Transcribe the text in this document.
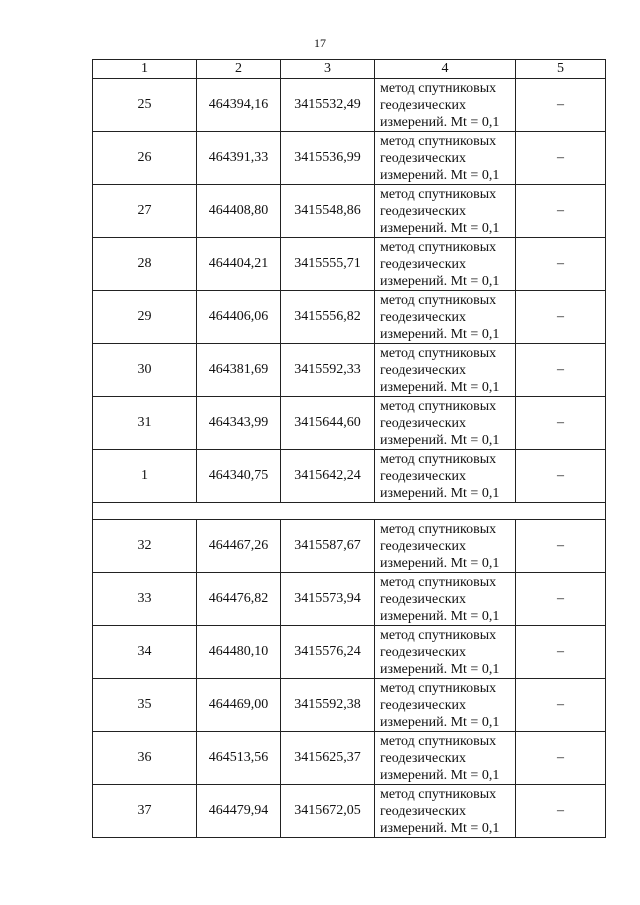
17
1	2	3	4	5
25	464394,16	3415532,49	метод спутниковых
геодезических
измерений. Mt = 0,1	–
26	464391,33	3415536,99	метод спутниковых
геодезических
измерений. Mt = 0,1	–
27	464408,80	3415548,86	метод спутниковых
геодезических
измерений. Mt = 0,1	–
28	464404,21	3415555,71	метод спутниковых
геодезических
измерений. Mt = 0,1	–
29	464406,06	3415556,82	метод спутниковых
геодезических
измерений. Mt = 0,1	–
30	464381,69	3415592,33	метод спутниковых
геодезических
измерений. Mt = 0,1	–
31	464343,99	3415644,60	метод спутниковых
геодезических
измерений. Mt = 0,1	–
1	464340,75	3415642,24	метод спутниковых
геодезических
измерений. Mt = 0,1	–

32	464467,26	3415587,67	метод спутниковых
геодезических
измерений. Mt = 0,1	–
33	464476,82	3415573,94	метод спутниковых
геодезических
измерений. Mt = 0,1	–
34	464480,10	3415576,24	метод спутниковых
геодезических
измерений. Mt = 0,1	–
35	464469,00	3415592,38	метод спутниковых
геодезических
измерений. Mt = 0,1	–
36	464513,56	3415625,37	метод спутниковых
геодезических
измерений. Mt = 0,1	–
37	464479,94	3415672,05	метод спутниковых
геодезических
измерений. Mt = 0,1	–
